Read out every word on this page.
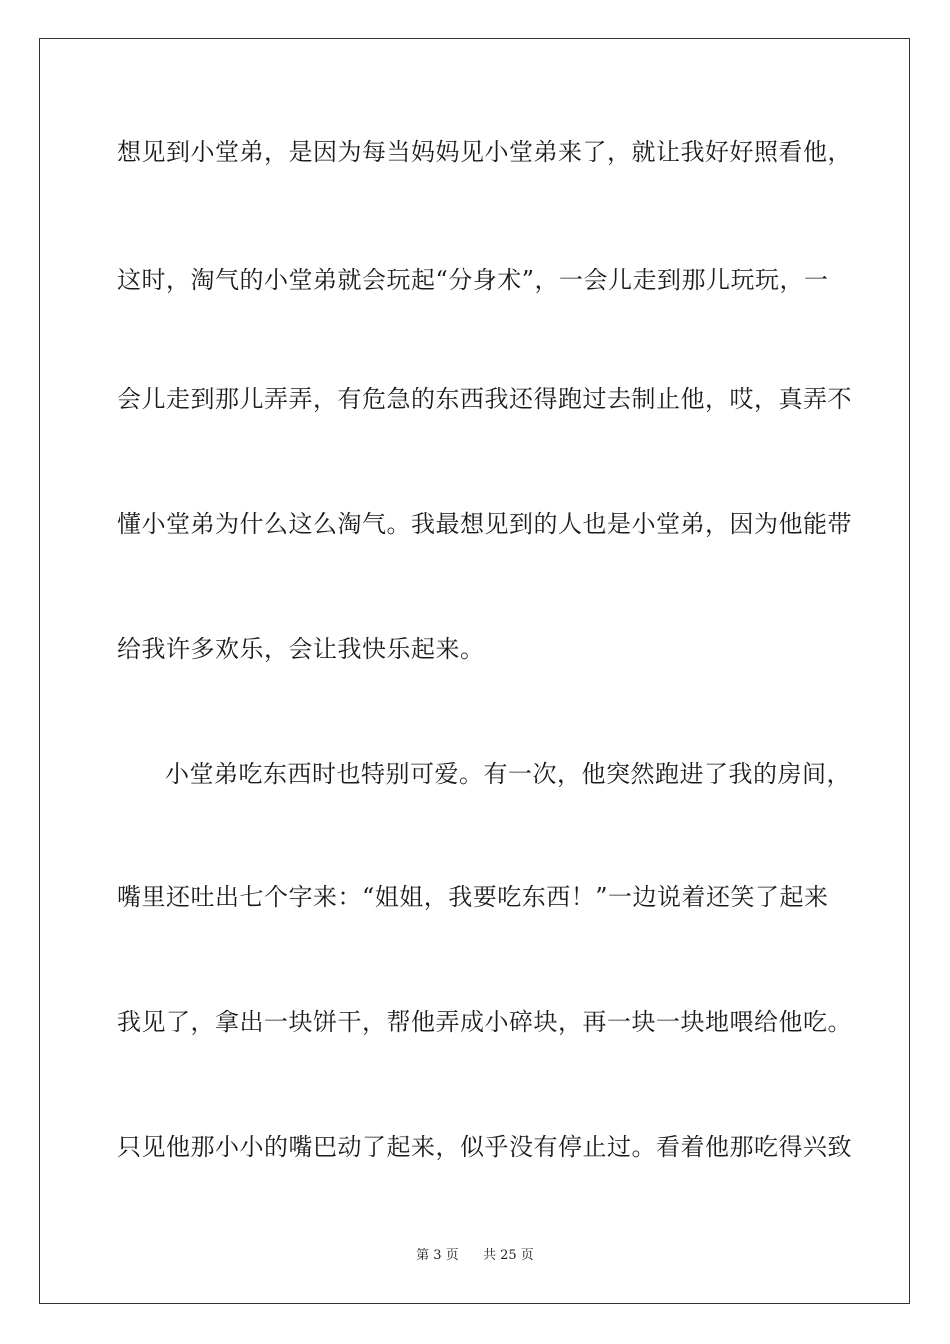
想见到小堂弟，是因为每当妈妈见小堂弟来了，就让我好好照看他，
这时，淘气的小堂弟就会玩起“分身术”，一会儿走到那儿玩玩，一
会儿走到那儿弄弄，有危急的东西我还得跑过去制止他，哎，真弄不
懂小堂弟为什么这么淘气。我最想见到的人也是小堂弟，因为他能带
给我许多欢乐，会让我快乐起来。
小堂弟吃东西时也特别可爱。有一次，他突然跑进了我的房间，
嘴里还吐出七个字来：“姐姐，我要吃东西！”一边说着还笑了起来
我见了，拿出一块饼干，帮他弄成小碎块，再一块一块地喂给他吃。
只见他那小小的嘴巴动了起来，似乎没有停止过。看着他那吃得兴致
第 3 页 共 25 页
